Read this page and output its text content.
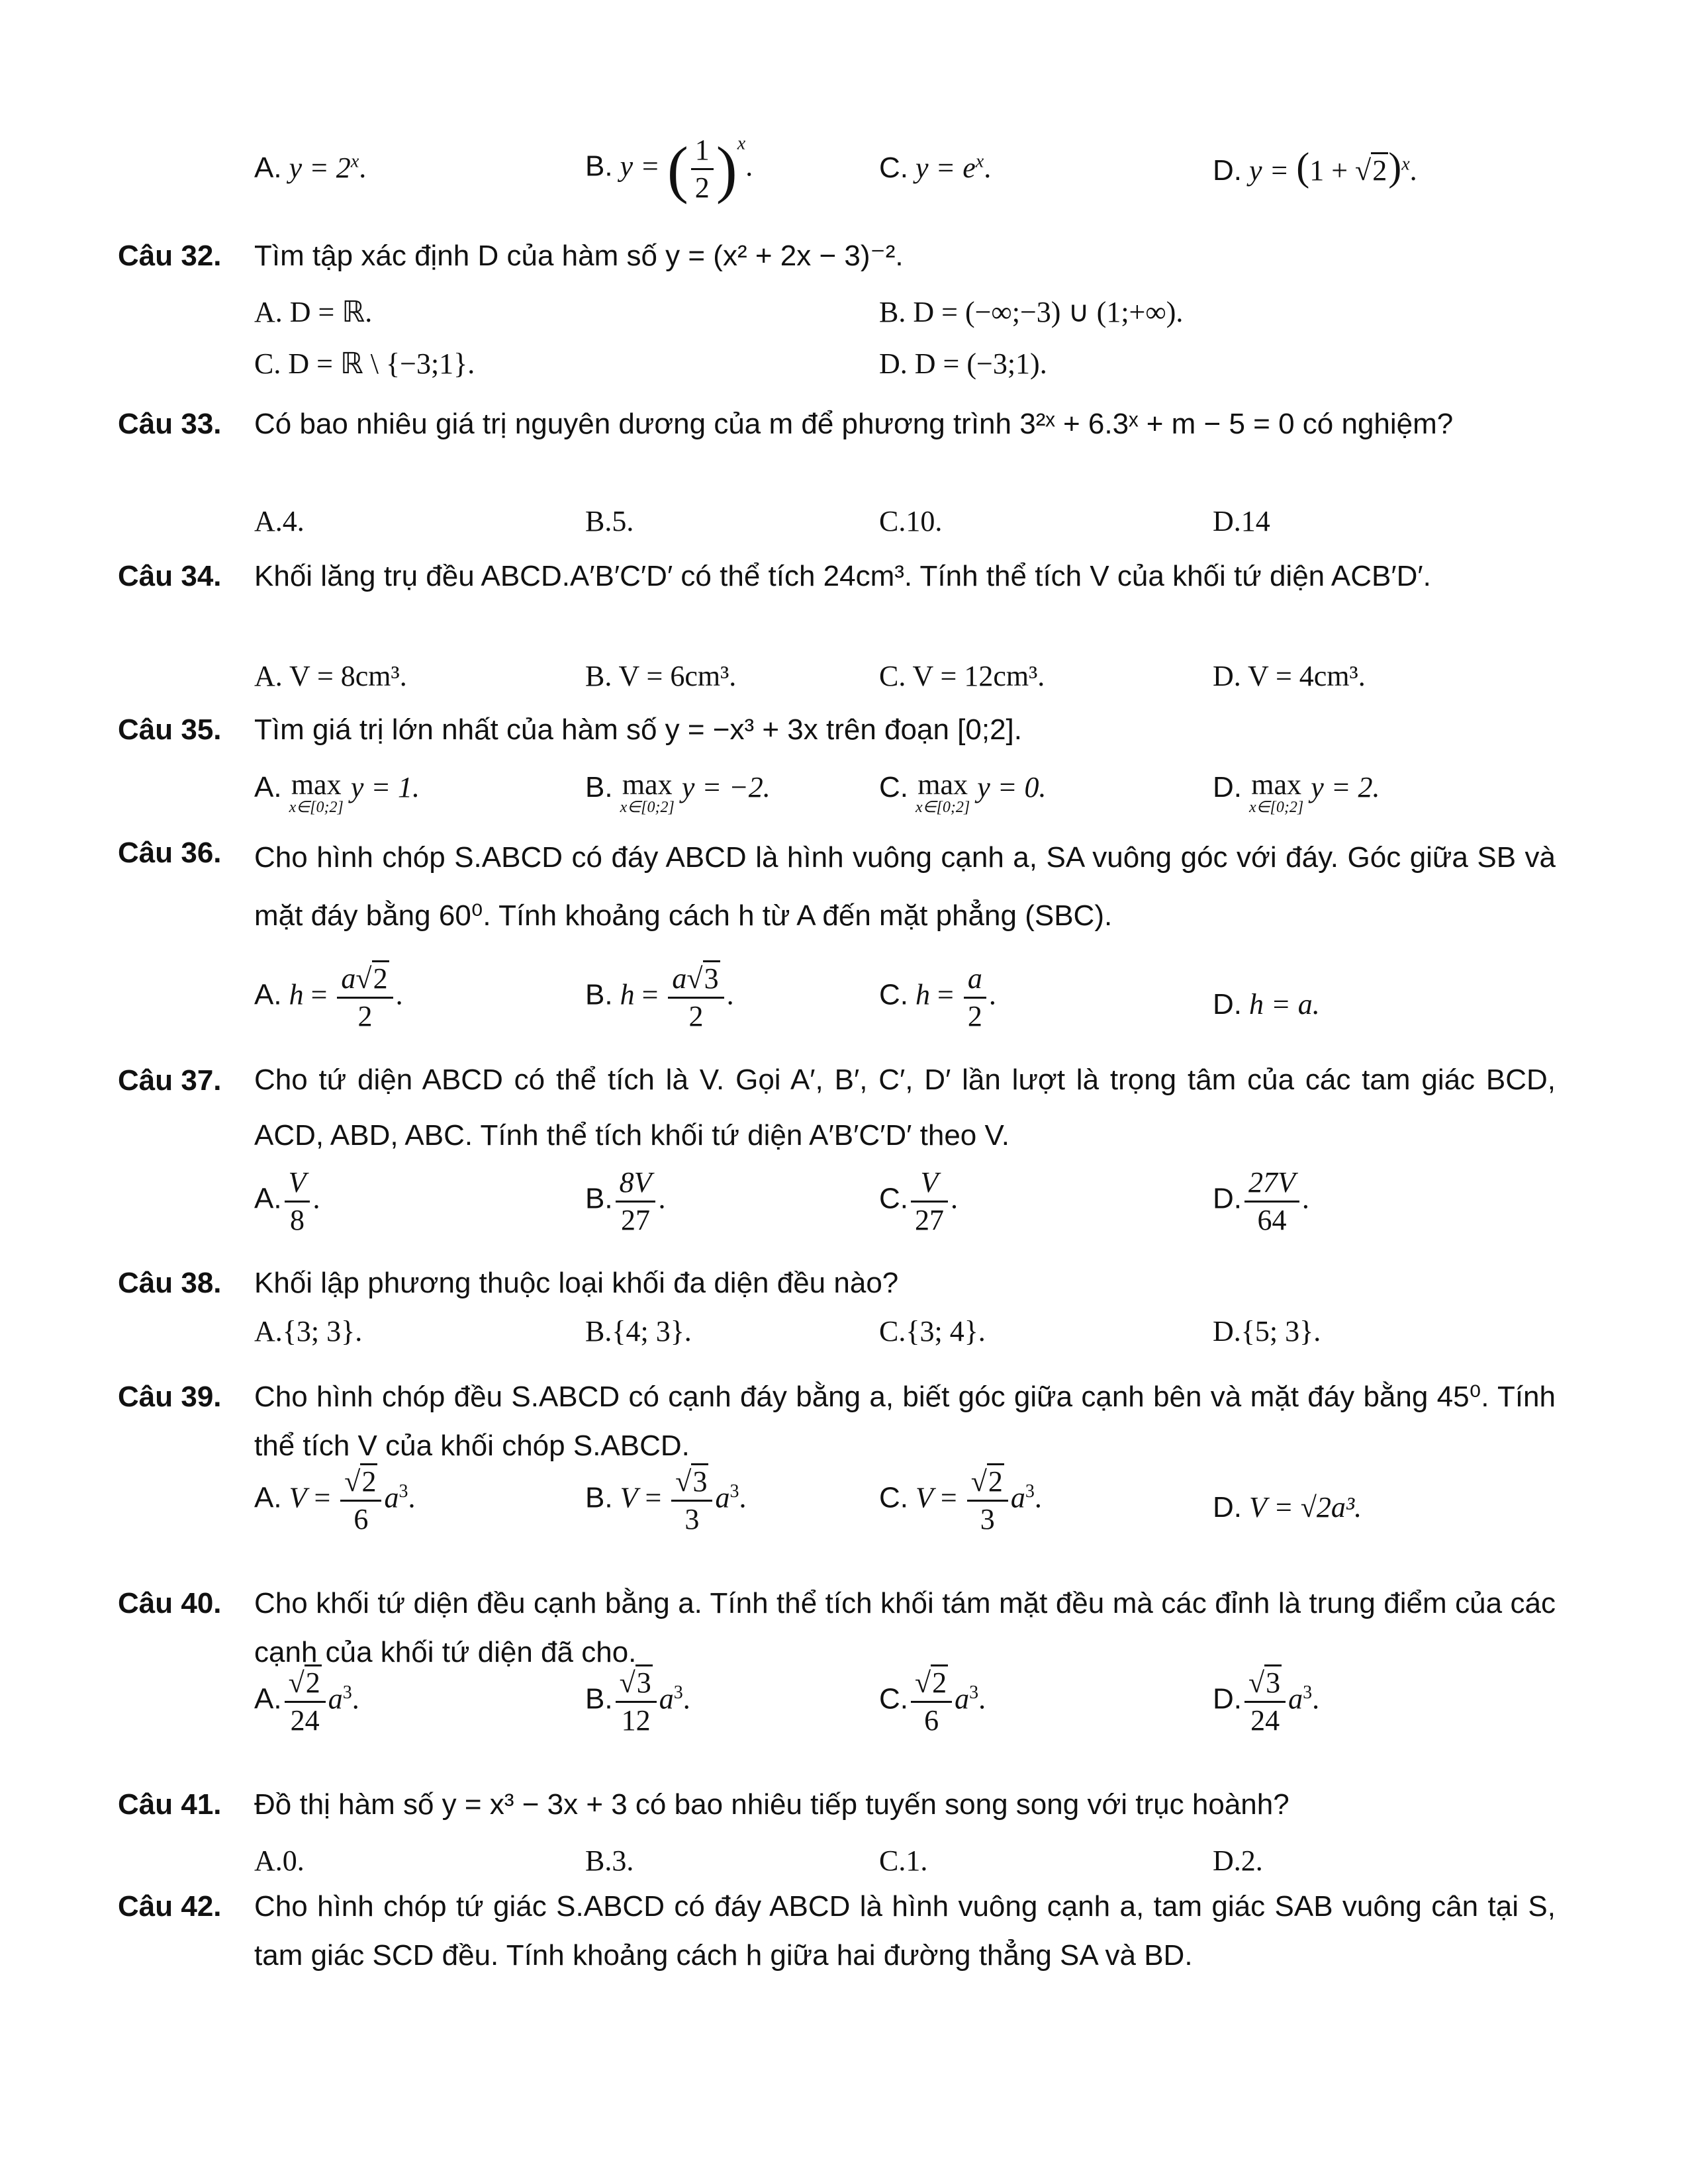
A. $y = 2^x$.	B. y = ( $\frac{1}{2} )^x$.	C. $y = e^x$.	D. $y = (1 + √2)^x$.
Câu 32. Tìm tập xác định D của hàm số y = (x² + 2x − 3)⁻².
A. D = ℝ.	B. D = (−∞;−3) ∪ (1;+∞).
C. D = ℝ \ {−3;1}.	D. D = (−3;1).
Câu 33. Có bao nhiêu giá trị nguyên dương của m để phương trình 3²ˣ + 6.3ˣ + m − 5 = 0 có nghiệm?
A.4.	B.5.	C.10.	D.14
Câu 34. Khối lăng trụ đều ABCD.A′B′C′D′ có thể tích 24cm³. Tính thể tích V của khối tứ diện ACB′D′.
A. V = 8cm³.	B. V = 6cm³.	C. V = 12cm³.	D. V = 4cm³.
Câu 35. Tìm giá trị lớn nhất của hàm số y = −x³ + 3x trên đoạn [0;2].
A. max
x∈[0;2]
y = 1.	B. max
x∈[0;2]
y = −2.	C. max
x∈[0;2]
y = 0.	D. max
x∈[0;2]
y = 2.
Câu 36. Cho hình chóp S.ABCD có đáy ABCD là hình vuông cạnh a, SA vuông góc với đáy. Góc giữa SB và mặt đáy bằng 60⁰. Tính khoảng cách h từ A đến mặt phẳng (SBC).
A. $h = \frac{a√2}{2}$ .	B. $h = \frac{a√3}{2}$ .	C. $h = \frac{a}{2}$ .	D. h = a.
Câu 37. Cho tứ diện ABCD có thể tích là V. Gọi A′, B′, C′, D′ lần lượt là trọng tâm của các tam giác BCD, ACD, ABD, ABC. Tính thể tích khối tứ diện A′B′C′D′ theo V.
A. $\frac{V}{8}$ .	B. $\frac{8V}{27}$ .	C. $\frac{V}{27}$ .	D. $\frac{27V}{64}$ .
Câu 38. Khối lập phương thuộc loại khối đa diện đều nào?
A.{3; 3}.	B.{4; 3}.	C.{3; 4}.	D.{5; 3}.
Câu 39. Cho hình chóp đều S.ABCD có cạnh đáy bằng a, biết góc giữa cạnh bên và mặt đáy bằng 45⁰. Tính thể tích V của khối chóp S.ABCD.
A. $V = \frac{√2}{6} a^3$.	B. $V = \frac{√3}{3} a^3$.	C. $V = \frac{√2}{3} a^3$.	D. V = √2a³.
Câu 40. Cho khối tứ diện đều cạnh bằng a. Tính thể tích khối tám mặt đều mà các đỉnh là trung điểm của các cạnh của khối tứ diện đã cho.
A. $\frac{√2}{24} a^3$.	B. $\frac{√3}{12} a^3$.	C. $\frac{√2}{6} a^3$.	D. $\frac{√3}{24} a^3$.
Câu 41. Đồ thị hàm số y = x³ − 3x + 3 có bao nhiêu tiếp tuyến song song với trục hoành?
A.0.	B.3.	C.1.	D.2.
Câu 42. Cho hình chóp tứ giác S.ABCD có đáy ABCD là hình vuông cạnh a, tam giác SAB vuông cân tại S, tam giác SCD đều. Tính khoảng cách h giữa hai đường thẳng SA và BD.
